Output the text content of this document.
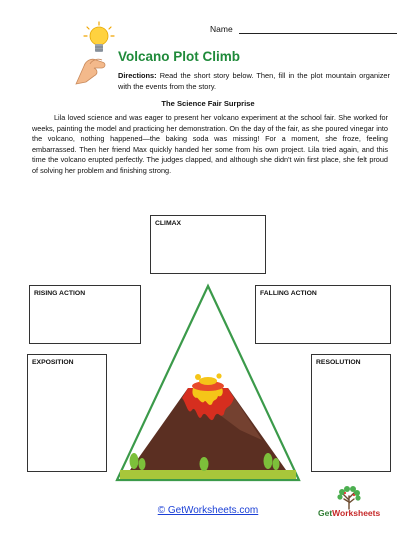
Name
Volcano Plot Climb
Directions: Read the short story below. Then, fill in the plot mountain organizer with the events from the story.
The Science Fair Surprise
Lila loved science and was eager to present her volcano experiment at the school fair. She worked for weeks, painting the model and practicing her demonstration. On the day of the fair, as she poured vinegar into the volcano, nothing happened—the baking soda was missing! For a moment, she froze, feeling embarrassed. Then her friend Max quickly handed her some from his own project. Lila tried again, and this time the volcano erupted perfectly. The judges clapped, and although she didn't win first place, she felt proud of solving her problem and finishing strong.
CLIMAX
RISING ACTION	FALLING ACTION
EXPOSITION	RESOLUTION
© GetWorksheets.com	GetWorksheets
